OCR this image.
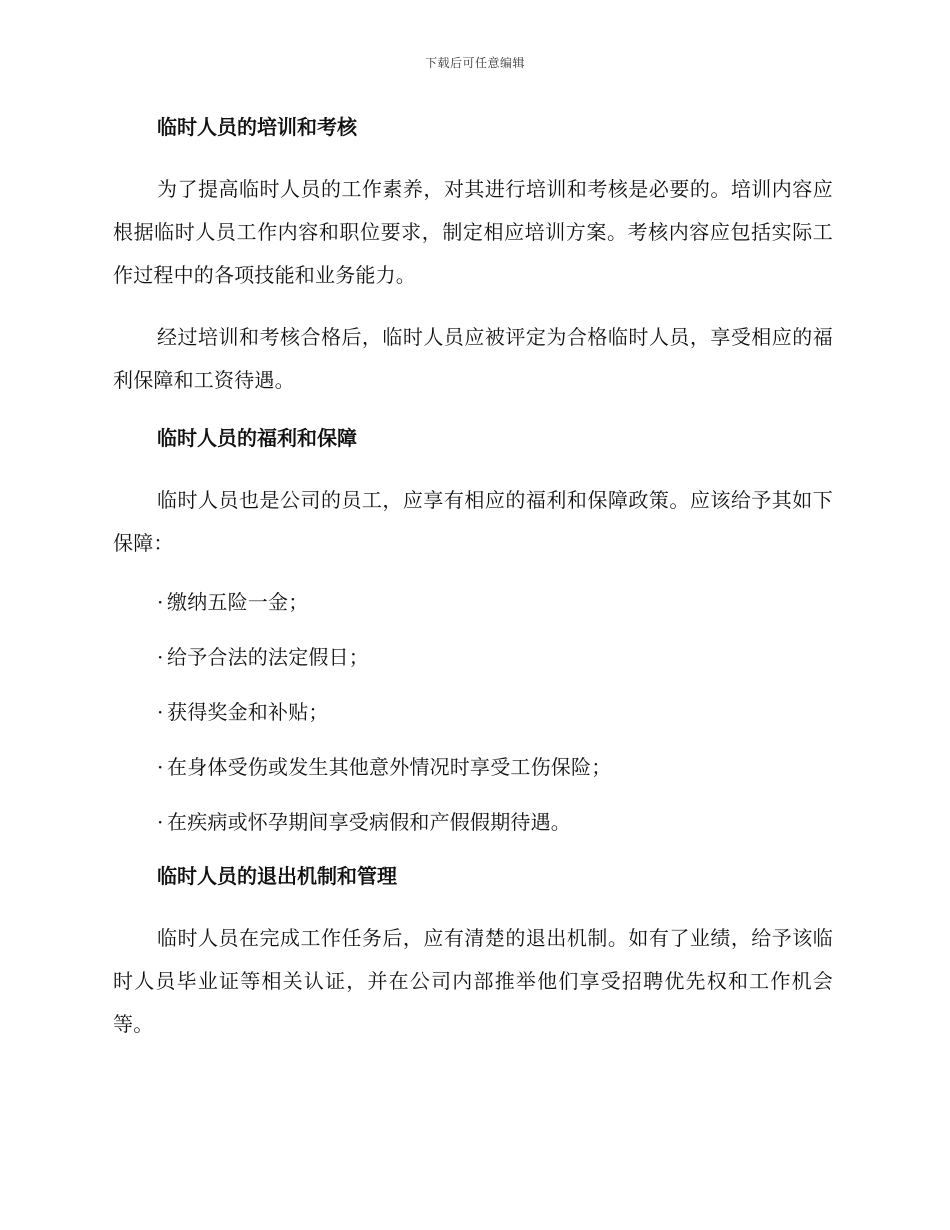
下载后可任意编辑
临时人员的培训和考核

为了提高临时人员的工作素养，对其进行培训和考核是必要的。培训内容应根据临时人员工作内容和职位要求，制定相应培训方案。考核内容应包括实际工作过程中的各项技能和业务能力。

经过培训和考核合格后，临时人员应被评定为合格临时人员，享受相应的福利保障和工资待遇。

临时人员的福利和保障

临时人员也是公司的员工，应享有相应的福利和保障政策。应该给予其如下保障：

· 缴纳五险一金；
· 给予合法的法定假日；
· 获得奖金和补贴；
· 在身体受伤或发生其他意外情况时享受工伤保险；
· 在疾病或怀孕期间享受病假和产假假期待遇。
临时人员的退出机制和管理

临时人员在完成工作任务后，应有清楚的退出机制。如有了业绩，给予该临时人员毕业证等相关认证，并在公司内部推举他们享受招聘优先权和工作机会等。
